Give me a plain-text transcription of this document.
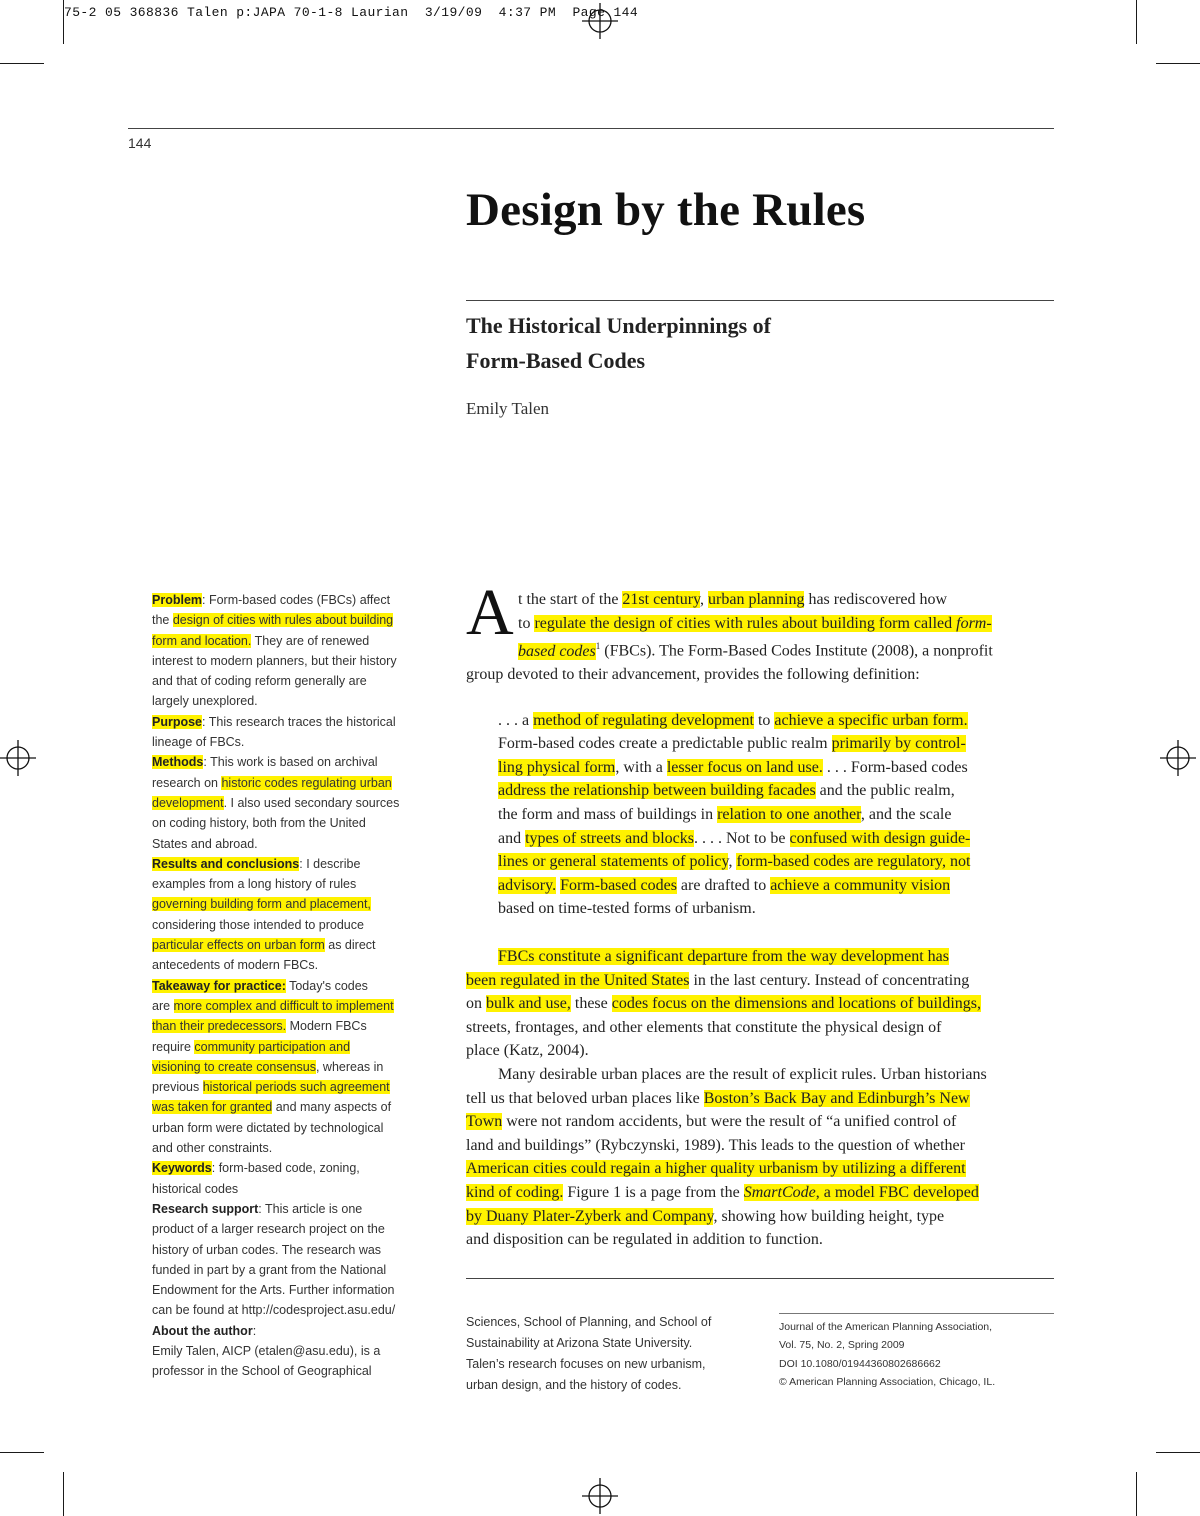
75-2 05 368836 Talen p:JAPA 70-1-8 Laurian  3/19/09  4:37 PM  Page 144
144
Design by the Rules
The Historical Underpinnings of
Form-Based Codes
Emily Talen

Problem: Form-based codes (FBCs) affect

the design of cities with rules about building

form and location. They are of renewed

interest to modern planners, but their history

and that of coding reform generally are

largely unexplored.

Purpose: This research traces the historical

lineage of FBCs.

Methods: This work is based on archival

research on historic codes regulating urban

development. I also used secondary sources

on coding history, both from the United

States and abroad.

Results and conclusions: I describe

examples from a long history of rules

governing building form and placement,

considering those intended to produce

particular effects on urban form as direct

antecedents of modern FBCs.

Takeaway for practice: Today's codes

are more complex and difficult to implement

than their predecessors. Modern FBCs

require community participation and

visioning to create consensus, whereas in

previous historical periods such agreement

was taken for granted and many aspects of

urban form were dictated by technological

and other constraints.

Keywords: form-based code, zoning,

historical codes

Research support: This article is one

product of a larger research project on the

history of urban codes. The research was

funded in part by a grant from the National

Endowment for the Arts. Further information

can be found at http://codesproject.asu.edu/

About the author:

Emily Talen, AICP (etalen@asu.edu), is a

professor in the School of Geographical

A t the start of the 21st century, urban planning has rediscovered how
to regulate the design of cities with rules about building form called form-
based codes$^1$ (FBCs). The Form-Based Codes Institute (2008), a nonprofit
group devoted to their advancement, provides the following definition:
. . . a method of regulating development to achieve a specific urban form.
Form-based codes create a predictable public realm primarily by control-
ling physical form, with a lesser focus on land use. . . . Form-based codes
address the relationship between building facades and the public realm,
the form and mass of buildings in relation to one another, and the scale
and types of streets and blocks. . . . Not to be confused with design guide-
lines or general statements of policy, form-based codes are regulatory, not
advisory. Form-based codes are drafted to achieve a community vision
based on time-tested forms of urbanism.
FBCs constitute a significant departure from the way development has
been regulated in the United States in the last century. Instead of concentrating
on bulk and use, these codes focus on the dimensions and locations of buildings,
streets, frontages, and other elements that constitute the physical design of
place (Katz, 2004).
Many desirable urban places are the result of explicit rules. Urban historians
tell us that beloved urban places like Boston’s Back Bay and Edinburgh’s New
Town were not random accidents, but were the result of “a unified control of
land and buildings” (Rybczynski, 1989). This leads to the question of whether
American cities could regain a higher quality urbanism by utilizing a different
kind of coding. Figure 1 is a page from the SmartCode, a model FBC developed
by Duany Plater-Zyberk and Company, showing how building height, type
and disposition can be regulated in addition to function.
Sciences, School of Planning, and School of
Sustainability at Arizona State University.
Talen’s research focuses on new urbanism,
urban design, and the history of codes.
Journal of the American Planning Association,
Vol. 75, No. 2, Spring 2009
DOI 10.1080/01944360802686662
© American Planning Association, Chicago, IL.
